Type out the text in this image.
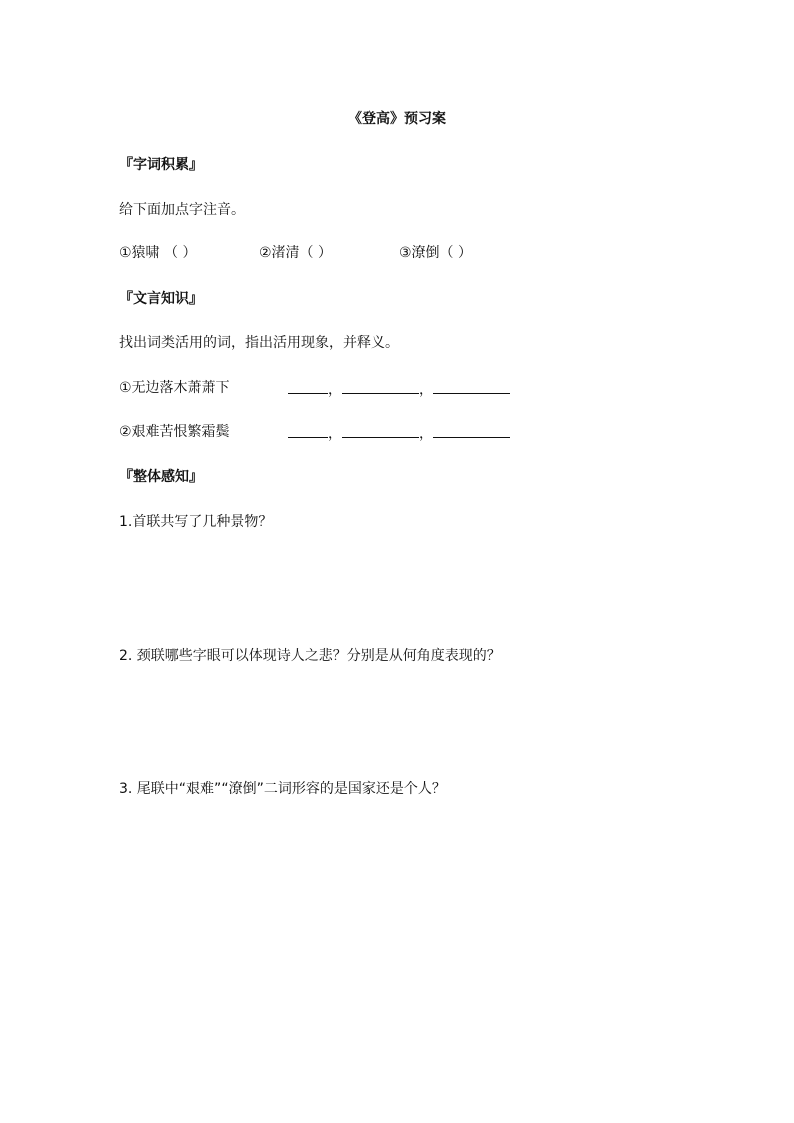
《登高》预习案
『字词积累』
给下面加点字注音。
①猿啸 （ ）	②渚清（ ）	③潦倒（ ）
『文言知识』
找出词类活用的词，指出活用现象，并释义。
①无边落木萧萧下	，	，
②艰难苦恨繁霜鬓	，	，
『整体感知』
1.首联共写了几种景物？
2. 颈联哪些字眼可以体现诗人之悲？分别是从何角度表现的？
3. 尾联中“艰难”“潦倒”二词形容的是国家还是个人？
